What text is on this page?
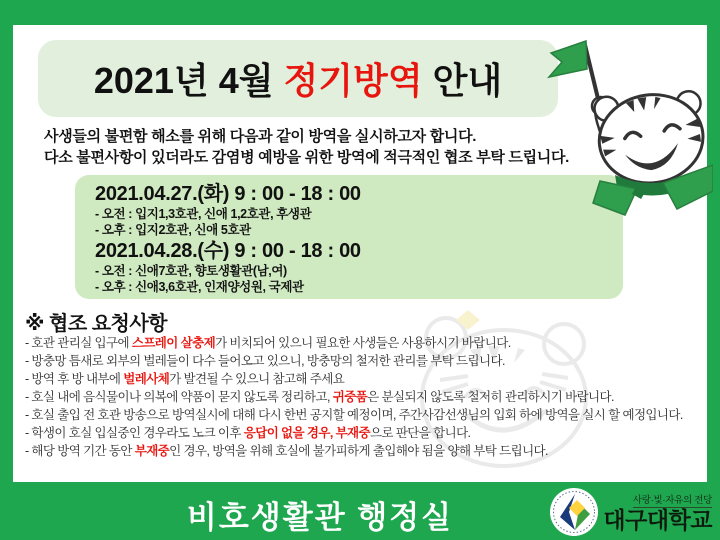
2021년 4월 정기방역 안내
사생들의 불편함 해소를 위해 다음과 같이 방역을 실시하고자 합니다.
다소 불편사항이 있더라도 감염병 예방을 위한 방역에 적극적인 협조 부탁 드립니다.
2021.04.27.(화) 9 : 00 - 18 : 00
- 오전 : 입지1,3호관, 신애 1,2호관, 후생관
- 오후 : 입지2호관, 신애 5호관
2021.04.28.(수) 9 : 00 - 18 : 00
- 오전 : 신애7호관, 향토생활관(남,여)
- 오후 : 신애3,6호관, 인재양성원, 국제관
※ 협조 요청사항
- 호관 관리실 입구에 스프레이 살충제가 비치되어 있으니 필요한 사생들은 사용하시기 바랍니다.
- 방충망 틈새로 외부의 벌레들이 다수 들어오고 있으니, 방충망의 철저한 관리를 부탁 드립니다.
- 방역 후 방 내부에 벌레사체가 발견될 수 있으니 참고해 주세요
- 호실 내에 음식물이나 의복에 약품이 묻지 않도록 정리하고, 귀중품은 분실되지 않도록 철저히 관리하시기 바랍니다.
- 호실 출입 전 호관 방송으로 방역실시에 대해 다시 한번 공지할 예정이며, 주간사감선생님의 입회 하에 방역을 실시 할 예정입니다.
- 학생이 호실 입실중인 경우라도 노크 이후 응답이 없을 경우, 부재중으로 판단을 합니다.
- 해당 방역 기간 동안 부재중인 경우, 방역을 위해 호실에 불가피하게 출입해야 됨을 양해 부탁 드립니다.
비호생활관 행정실	사랑·빛·자유의 전당
대구대학교
